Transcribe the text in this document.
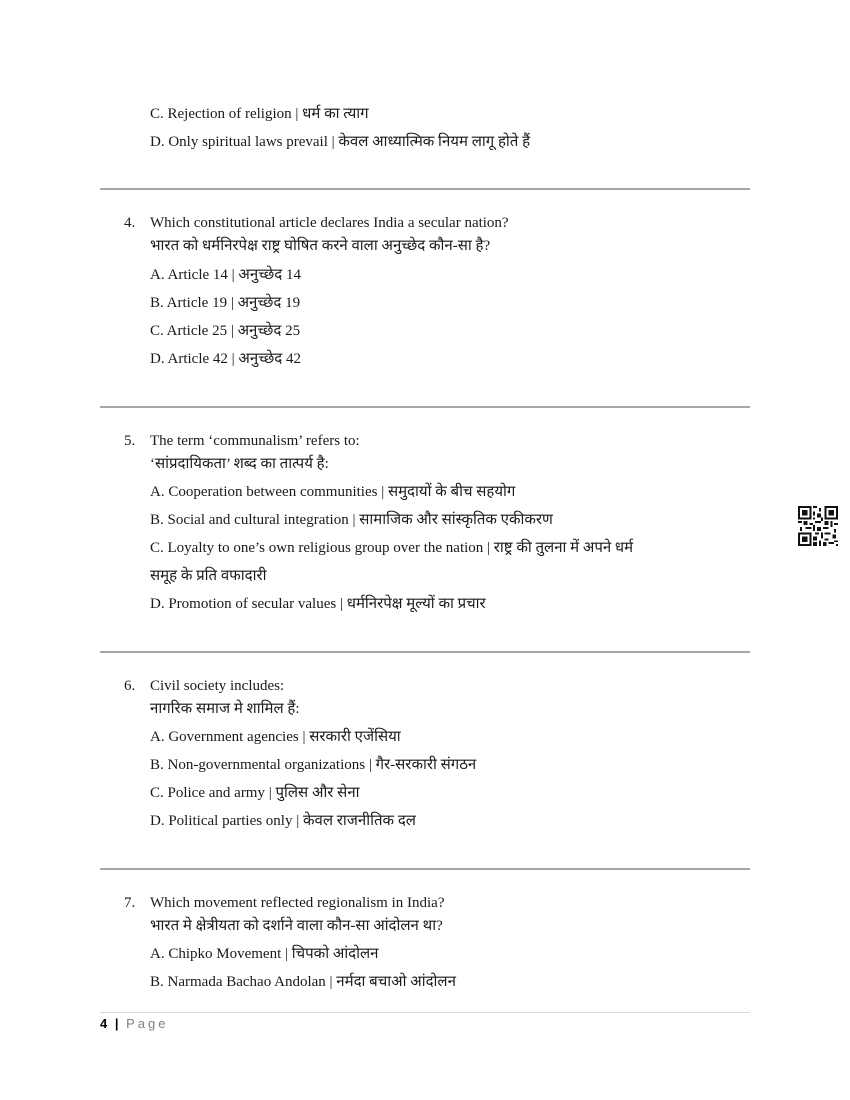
C. Rejection of religion | धर्म का त्याग
D. Only spiritual laws prevail | केवल आध्यात्मिक नियम लागू होते हैं
4. Which constitutional article declares India a secular nation?
भारत को धर्मनिरपेक्ष राष्ट्र घोषित करने वाला अनुच्छेद कौन-सा है?
A. Article 14 | अनुच्छेद 14
B. Article 19 | अनुच्छेद 19
C. Article 25 | अनुच्छेद 25
D. Article 42 | अनुच्छेद 42
5. The term ‘communalism’ refers to:
‘सांप्रदायिकता’ शब्द का तात्पर्य है:
A. Cooperation between communities | समुदायों के बीच सहयोग
B. Social and cultural integration | सामाजिक और सांस्कृतिक एकीकरण
C. Loyalty to one’s own religious group over the nation | राष्ट्र की तुलना में अपने धर्म
समूह के प्रति वफादारी
D. Promotion of secular values | धर्मनिरपेक्ष मूल्यों का प्रचार
6. Civil society includes:
नागरिक समाज मे शामिल हैं:
A. Government agencies | सरकारी एजेंसिया
B. Non-governmental organizations | गैर-सरकारी संगठन
C. Police and army | पुलिस और सेना
D. Political parties only | केवल राजनीतिक दल
7. Which movement reflected regionalism in India?
भारत मे क्षेत्रीयता को दर्शाने वाला कौन-सा आंदोलन था?
A. Chipko Movement | चिपको आंदोलन
B. Narmada Bachao Andolan | नर्मदा बचाओ आंदोलन
4 | Page
